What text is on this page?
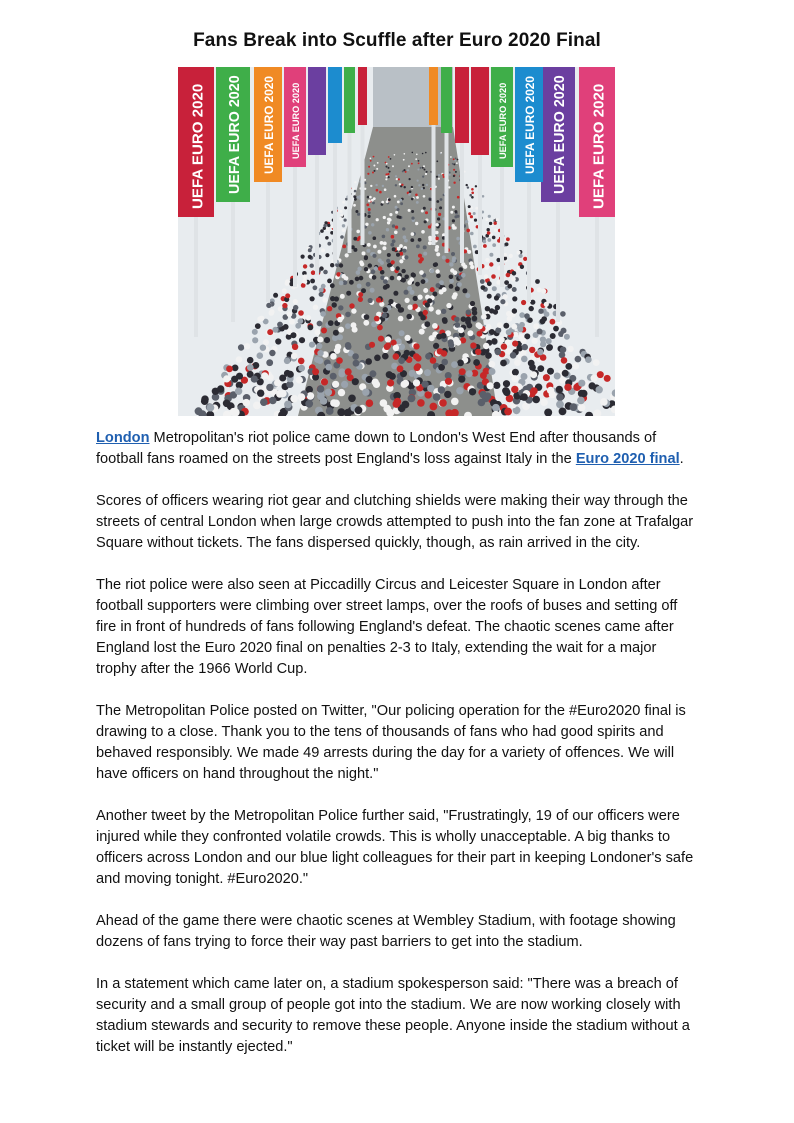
Fans Break into Scuffle after Euro 2020 Final
UEFA EURO 2020 UEFA EURO 2020 UEFA EURO 2020 UEFA EURO 2020	UEFA EURO 2020
UEFA EURO 2020
UEFA EURO 2020
UEFA EURO 2020

London Metropolitan's riot police came down to London's West End after thousands of football fans roamed on the streets post England's loss against Italy in the Euro 2020 final.

Scores of officers wearing riot gear and clutching shields were making their way through the streets of central London when large crowds attempted to push into the fan zone at Trafalgar Square without tickets. The fans dispersed quickly, though, as rain arrived in the city.

The riot police were also seen at Piccadilly Circus and Leicester Square in London after football supporters were climbing over street lamps, over the roofs of buses and setting off fire in front of hundreds of fans following England's defeat. The chaotic scenes came after England lost the Euro 2020 final on penalties 2-3 to Italy, extending the wait for a major trophy after the 1966 World Cup.

The Metropolitan Police posted on Twitter, "Our policing operation for the #Euro2020 final is drawing to a close. Thank you to the tens of thousands of fans who had good spirits and behaved responsibly. We made 49 arrests during the day for a variety of offences. We will have officers on hand throughout the night."

Another tweet by the Metropolitan Police further said, "Frustratingly, 19 of our officers were injured while they confronted volatile crowds. This is wholly unacceptable. A big thanks to officers across London and our blue light colleagues for their part in keeping Londoner's safe and moving tonight. #Euro2020."

Ahead of the game there were chaotic scenes at Wembley Stadium, with footage showing dozens of fans trying to force their way past barriers to get into the stadium.

In a statement which came later on, a stadium spokesperson said: "There was a breach of security and a small group of people got into the stadium. We are now working closely with stadium stewards and security to remove these people. Anyone inside the stadium without a ticket will be instantly ejected."
